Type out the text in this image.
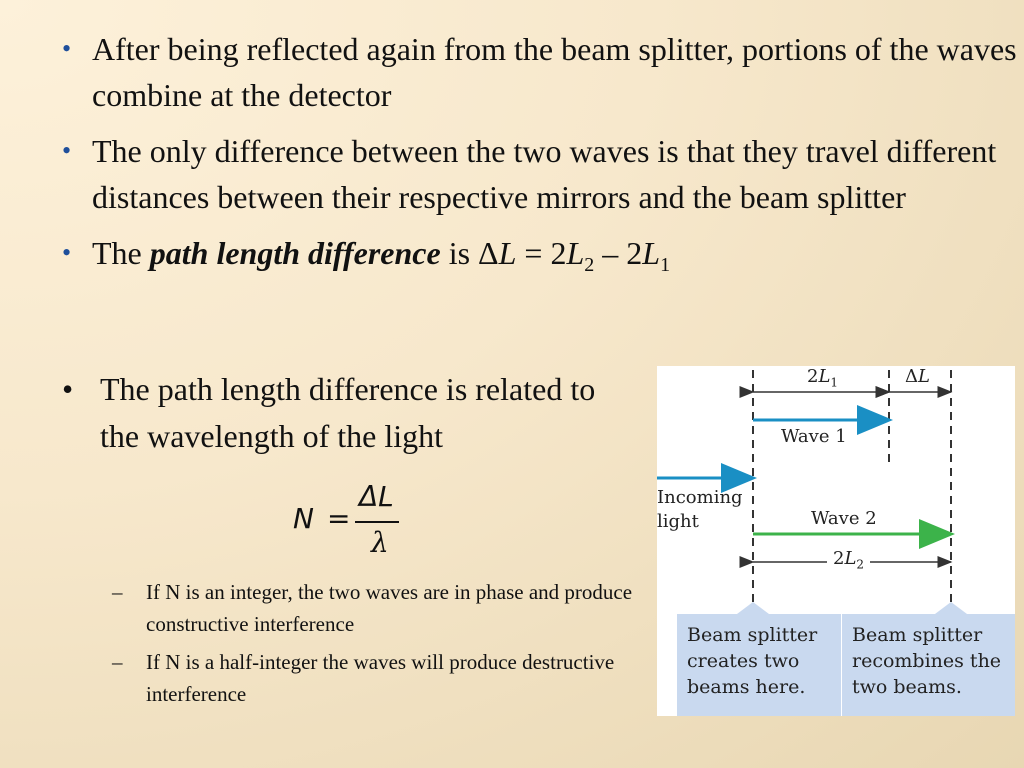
• After being reflected again from the beam splitter, portions of the waves combine at the detector
• The only difference between the two waves is that they travel different distances between their respective mirrors and the beam splitter
• The path length difference is $\Delta L = 2L_2 - 2L_1$
• The path length difference is related to the wavelength of the light
N =
ΔL
λ
– If N is an integer, the two waves are in phase and produce constructive interference
– If N is a half-integer the waves will produce destructive interference
$2L_1$	ΔL
Wave 1
Incoming light	Wave 2
$2L_2$
Beam splitter creates two beams here.
Beam splitter recombines the two beams.
